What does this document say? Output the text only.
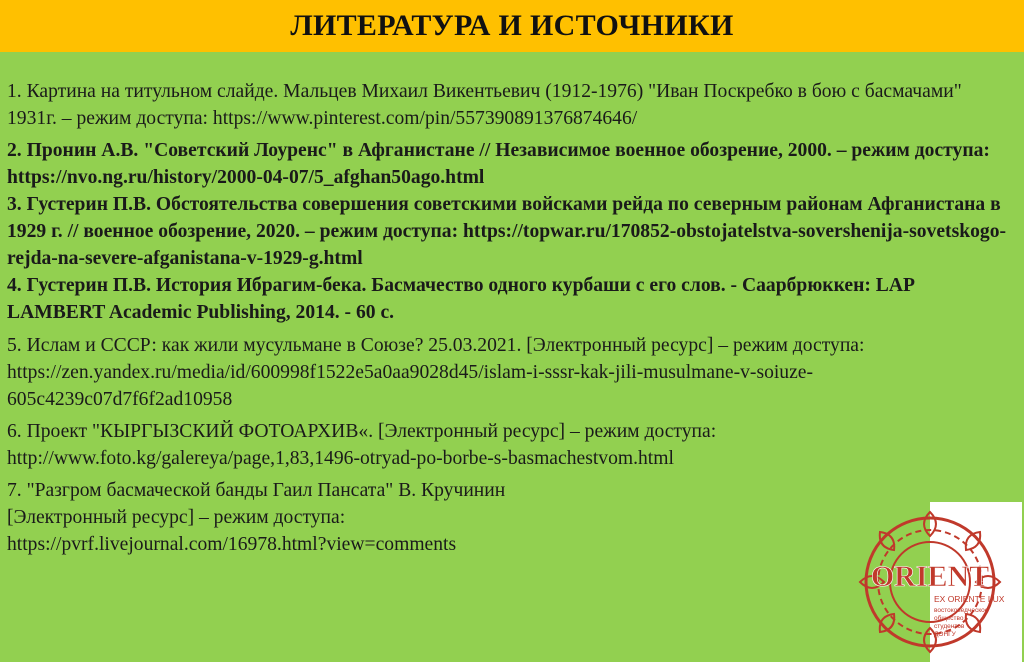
ЛИТЕРАТУРА И ИСТОЧНИКИ

1. Картина на титульном слайде. Мальцев Михаил Викентьевич (1912-1976) "Иван Поскребко в бою с басмачами" 1931г. – режим доступа: https://www.pinterest.com/pin/557390891376874646/

2. Пронин А.В. "Советский Лоуренс" в Афганистане // Независимое военное обозрение, 2000. – режим доступа: https://nvo.ng.ru/history/2000-04-07/5_afghan50ago.html

3. Густерин П.В. Обстоятельства совершения советскими войсками рейда по северным районам Афганистана в 1929 г. // военное обозрение, 2020. – режим доступа: https://topwar.ru/170852-obstojatelstva-sovershenija-sovetskogo-rejda-na-severe-afganistana-v-1929-g.html

4. Густерин П.В. История Ибрагим-бека. Басмачество одного курбаши с его слов. - Саарбрюккен: LAP LAMBERT Academic Publishing, 2014. - 60 с.

5. Ислам и СССР: как жили мусульмане в Союзе? 25.03.2021. [Электронный ресурс] – режим доступа: https://zen.yandex.ru/media/id/600998f1522e5a0aa9028d45/islam-i-sssr-kak-jili-musulmane-v-soiuze-605c4239c07d7f6f2ad10958

6. Проект "КЫРГЫЗСКИЙ ФОТОАРХИВ«. [Электронный ресурс] – режим доступа: http://www.foto.kg/galereya/page,1,83,1496-otryad-po-borbe-s-basmachestvom.html

7. "Разгром басмаческой банды Гаил Пансата" В. Кручинин [Электронный ресурс] – режим доступа: https://pvrf.livejournal.com/16978.html?view=comments

ORIENT
EX ORIENTE LUX
востоковедческое
общество
студентов
ДОНГУ
